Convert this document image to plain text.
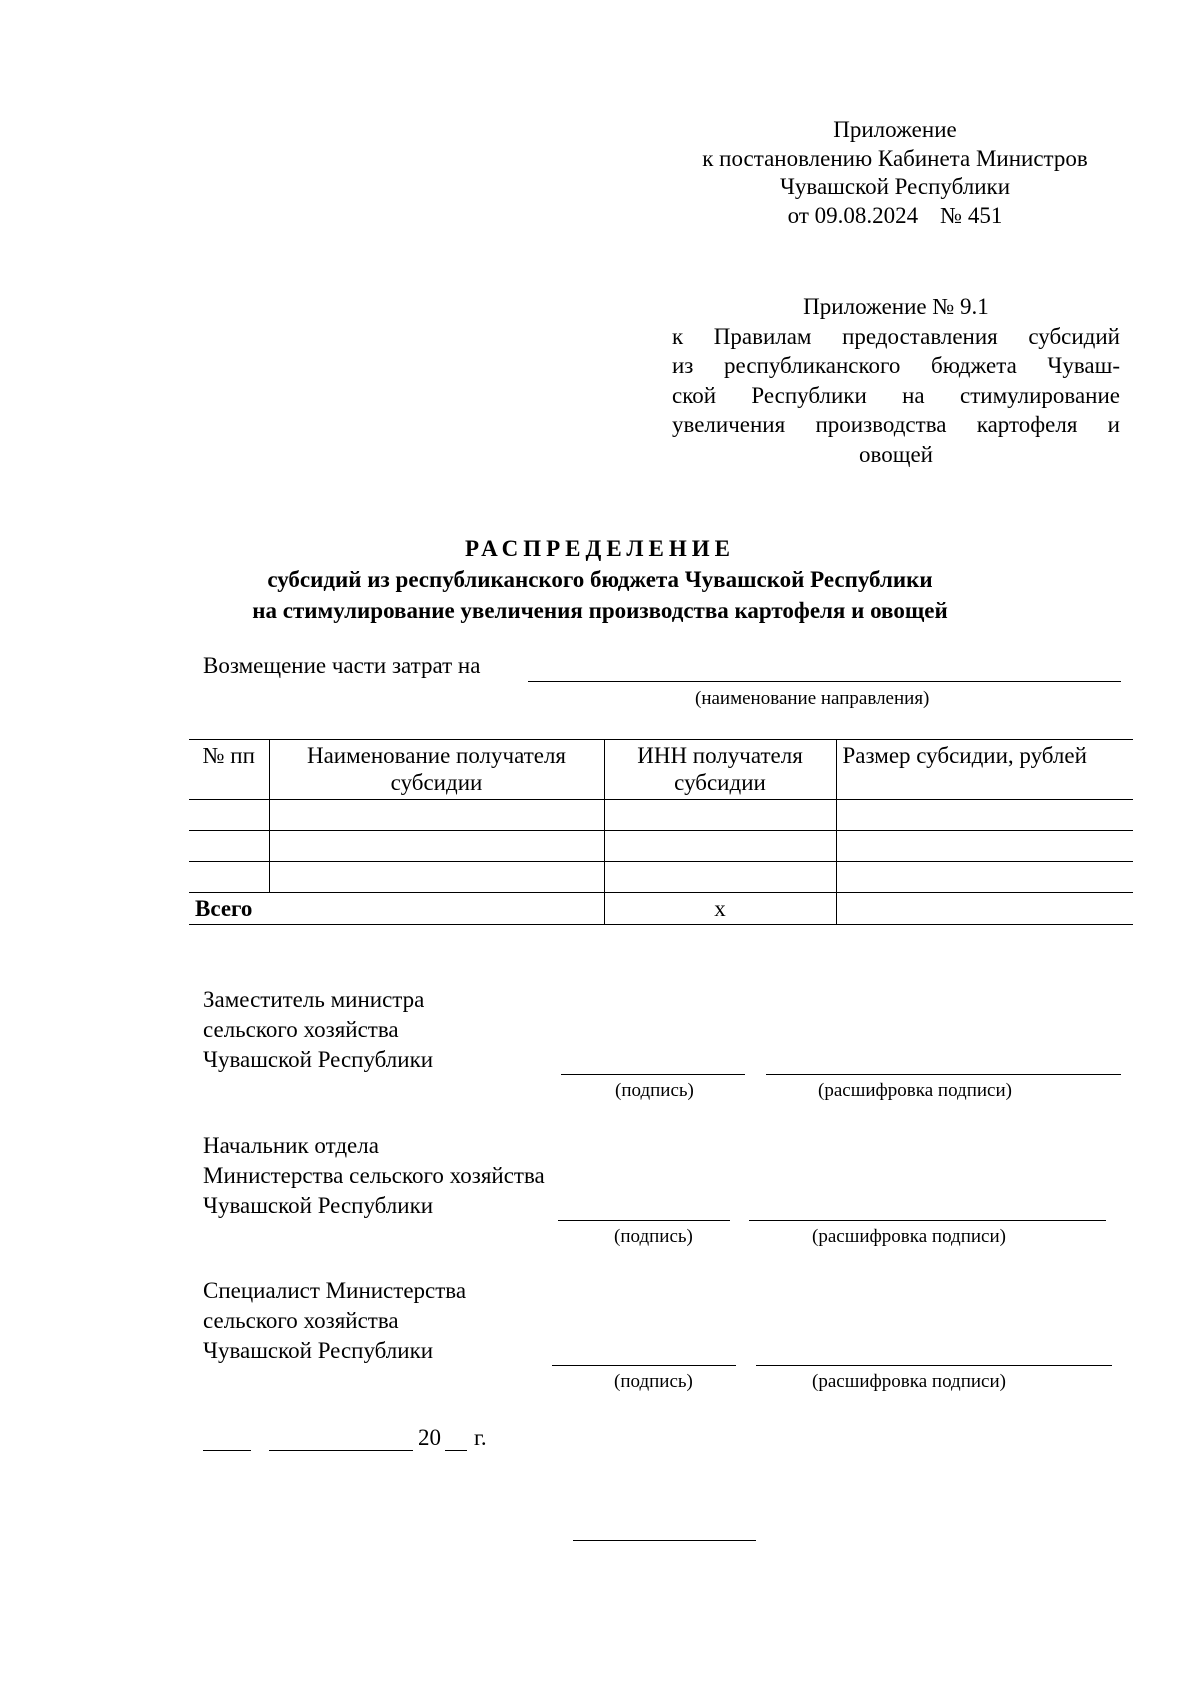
Приложение
к постановлению Кабинета Министров
Чувашской Республики
от 09.08.2024 № 451
Приложение № 9.1
к Правилам предоставления субсидий
из республиканского бюджета Чуваш-
ской Республики на стимулирование
увеличения производства картофеля и
овощей
РАСПРЕДЕЛЕНИЕ
субсидий из республиканского бюджета Чувашской Республики
на стимулирование увеличения производства картофеля и овощей
Возмещение части затрат на
(наименование направления)
№ пп	Наименование получателя субсидии	ИНН получателя субсидии	Размер субсидии, рублей

Всего		х	
Заместитель министра
сельского хозяйства
Чувашской Республики
(подпись)	(расшифровка подписи)
Начальник отдела
Министерства сельского хозяйства
Чувашской Республики
(подпись)	(расшифровка подписи)
Специалист Министерства
сельского хозяйства
Чувашской Республики
(подпись)	(расшифровка подписи)
20 г.
